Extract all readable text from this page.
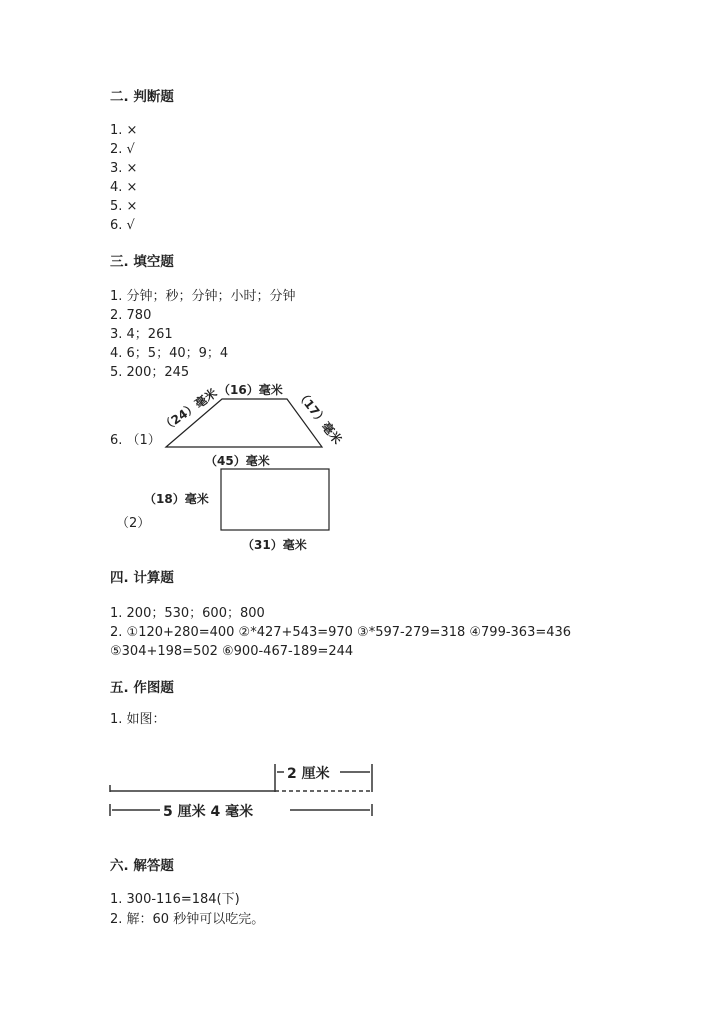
二. 判断题
1. ×
2. √
3. ×
4. ×
5. ×
6. √
三. 填空题
1. 分钟；秒；分钟；小时；分钟
2. 780
3. 4；261
4. 6；5；40；9；4
5. 200；245
6. （1）
（2）
（16）毫米
（24）毫米	（17）毫米
（45）毫米
（18）毫米
（31）毫米
2 厘米
5 厘米 4 毫米
四. 计算题
1. 200；530；600；800
2. ①120+280=400 ②*427+543=970 ③*597-279=318 ④799-363=436
⑤304+198=502 ⑥900-467-189=244
五. 作图题
1. 如图：
六. 解答题
1. 300-116=184(下)
2. 解：60 秒钟可以吃完。
